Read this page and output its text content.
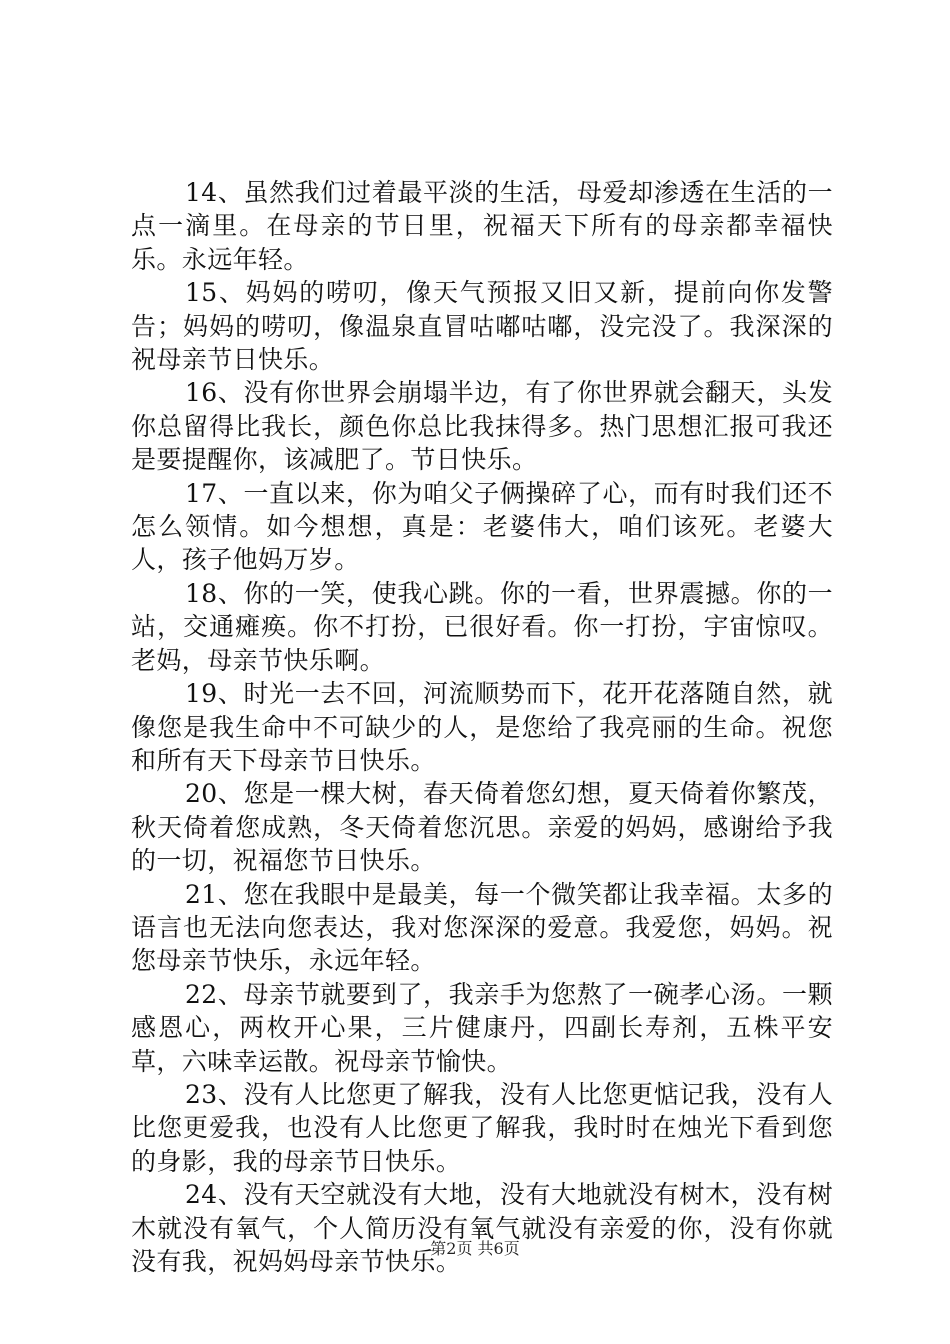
14、虽然我们过着最平淡的生活，母爱却渗透在生活的一点一滴里。在母亲的节日里，祝福天下所有的母亲都幸福快乐。永远年轻。

15、妈妈的唠叨，像天气预报又旧又新，提前向你发警告；妈妈的唠叨，像温泉直冒咕嘟咕嘟，没完没了。我深深的祝母亲节日快乐。

16、没有你世界会崩塌半边，有了你世界就会翻天，头发你总留得比我长，颜色你总比我抹得多。热门思想汇报可我还是要提醒你，该减肥了。节日快乐。

17、一直以来，你为咱父子俩操碎了心，而有时我们还不怎么领情。如今想想，真是：老婆伟大，咱们该死。老婆大人，孩子他妈万岁。

18、你的一笑，使我心跳。你的一看，世界震撼。你的一站，交通瘫痪。你不打扮，已很好看。你一打扮，宇宙惊叹。老妈，母亲节快乐啊。

19、时光一去不回，河流顺势而下，花开花落随自然，就像您是我生命中不可缺少的人，是您给了我亮丽的生命。祝您和所有天下母亲节日快乐。

20、您是一棵大树，春天倚着您幻想，夏天倚着你繁茂，秋天倚着您成熟，冬天倚着您沉思。亲爱的妈妈，感谢给予我的一切，祝福您节日快乐。

21、您在我眼中是最美，每一个微笑都让我幸福。太多的语言也无法向您表达，我对您深深的爱意。我爱您，妈妈。祝您母亲节快乐，永远年轻。

22、母亲节就要到了，我亲手为您熬了一碗孝心汤。一颗感恩心，两枚开心果，三片健康丹，四副长寿剂，五株平安草，六味幸运散。祝母亲节愉快。

23、没有人比您更了解我，没有人比您更惦记我，没有人比您更爱我，也没有人比您更了解我，我时时在烛光下看到您的身影，我的母亲节日快乐。

24、没有天空就没有大地，没有大地就没有树木，没有树木就没有氧气，个人简历没有氧气就没有亲爱的你，没有你就没有我，祝妈妈母亲节快乐。

第2页 共6页
